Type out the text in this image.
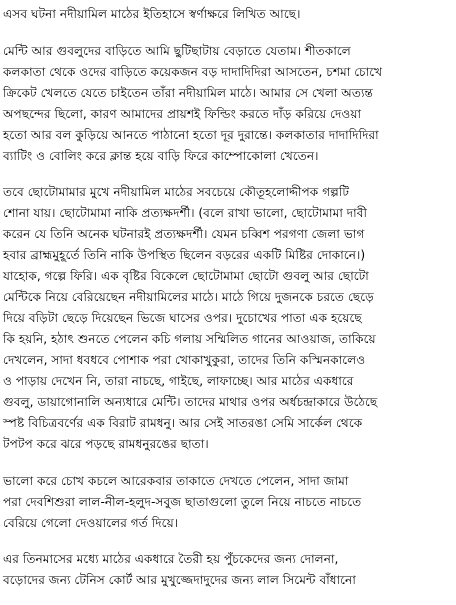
এসব ঘটনা নদীয়ামিল মাঠের ইতিহাসে স্বর্ণাক্ষরে লিখিত আছে।
মেন্টি আর গুবলুদের বাড়িতে আমি ছুটিছাটায় বেড়াতে যেতাম। শীতকালে
কলকাতা থেকে ওদের বাড়িতে কয়েকজন বড় দাদাদিদিরা আসতেন, চশমা চোখে
ক্রিকেট খেলতে যেতে চাইতেন তাঁরা নদীয়ামিল মাঠে। আমার সে খেলা অত্যন্ত
অপছন্দের ছিলো, কারণ আমাদের প্রায়শই ফিল্ডিং করতে দাঁড় করিয়ে দেওয়া
হতো আর বল কুড়িয়ে আনতে পাঠানো হতো দূর দুরান্তে। কলকাতার দাদাদিদিরা
ব্যাটিং ও বোলিং করে ক্লান্ত হয়ে বাড়ি ফিরে কাম্পোকোলা খেতেন।
তবে ছোটোমামার মুখে নদীয়ামিল মাঠের সবচেয়ে কৌতূহলোদ্দীপক গল্পটি
শোনা যায়। ছোটোমামা নাকি প্রত্যক্ষদর্শী। (বলে রাখা ভালো, ছোটোমামা দাবী
করেন যে তিনি অনেক ঘটনারই প্রত্যক্ষদর্শী। যেমন চব্বিশ পরগণা জেলা ভাগ
হবার ব্রাহ্মমুহূর্তে তিনি নাকি উপস্থিত ছিলেন বড়রের একটি মিষ্টির দোকানে।)
যাহোক, গল্পে ফিরি। এক বৃষ্টির বিকেলে ছোটোমামা ছোটো গুবলু আর ছোটো
মেন্টিকে নিয়ে বেরিয়েছেন নদীয়ামিলের মাঠে। মাঠে গিয়ে দুজনকে চরতে ছেড়ে
দিয়ে বড়িটা ছেড়ে দিয়েছেন ভিজে ঘাসের ওপর। দুচোখের পাতা এক হয়েছে
কি হয়নি, হঠাৎ শুনতে পেলেন কচি গলায় সম্মিলিত গানের আওয়াজ, তাকিয়ে
দেখলেন, সাদা ধবধবে পোশাক পরা খোকাখুকুরা, তাদের তিনি কস্মিনকালেও
ও পাড়ায় দেখেন নি, তারা নাচছে, গাইছে, লাফাচ্ছে। আর মাঠের একধারে
গুবলু, ডায়াগোনালি অন্যধারে মেন্টি। তাদের মাথার ওপর অর্ধচন্দ্রাকারে উঠেছে
স্পষ্ট বিচিত্রবর্ণের এক বিরাট রামধনু। আর সেই সাতরঙা সেমি সার্কেল থেকে
টপটপ করে ঝরে পড়ছে রামধনুরঙের ছাতা।
ভালো করে চোখ কচলে আরেকবার তাকাতে দেখতে পেলেন, সাদা জামা
পরা দেবশিশুরা লাল-নীল-হলুদ-সবুজ ছাতাগুলো তুলে নিয়ে নাচতে নাচতে
বেরিয়ে গেলো দেওয়ালের গর্ত দিয়ে।
এর তিনমাসের মধ্যে মাঠের একধারে তৈরী হয় পুঁচকেদের জন্য দোলনা,
বড়োদের জন্য টেনিস কোর্ট আর মুখুজ্জেদাদুদের জন্য লাল সিমেন্ট বাঁধানো
